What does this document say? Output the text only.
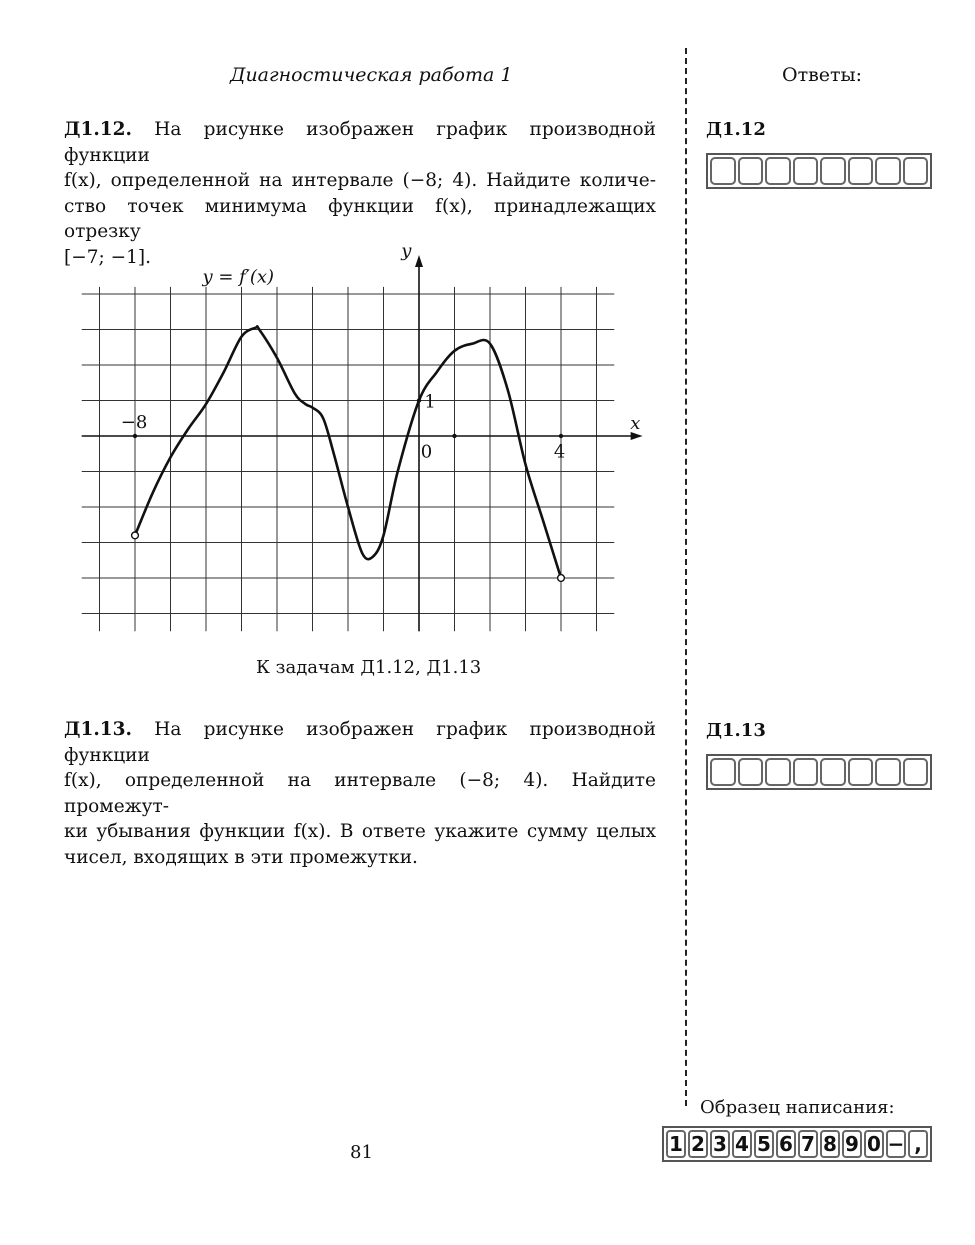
Диагностическая работа 1	Ответы:
Д1.12. На рисунке изображен график производной функции
f(x), определенной на интервале (−8; 4). Найдите количе-
ство точек минимума функции f(x), принадлежащих отрезку
[−7; −1].
y = f′(x)
x
y
−8
0	4
1
К задачам Д1.12, Д1.13
Д1.13. На рисунке изображен график производной функции
f(x), определенной на интервале (−8; 4). Найдите промежут-
ки убывания функции f(x). В ответе укажите сумму целых
чисел, входящих в эти промежутки.
Д1.12
Д1.13
81
Образец написания:
1 2 3 4 5 6 7 8 9 0 − ,
